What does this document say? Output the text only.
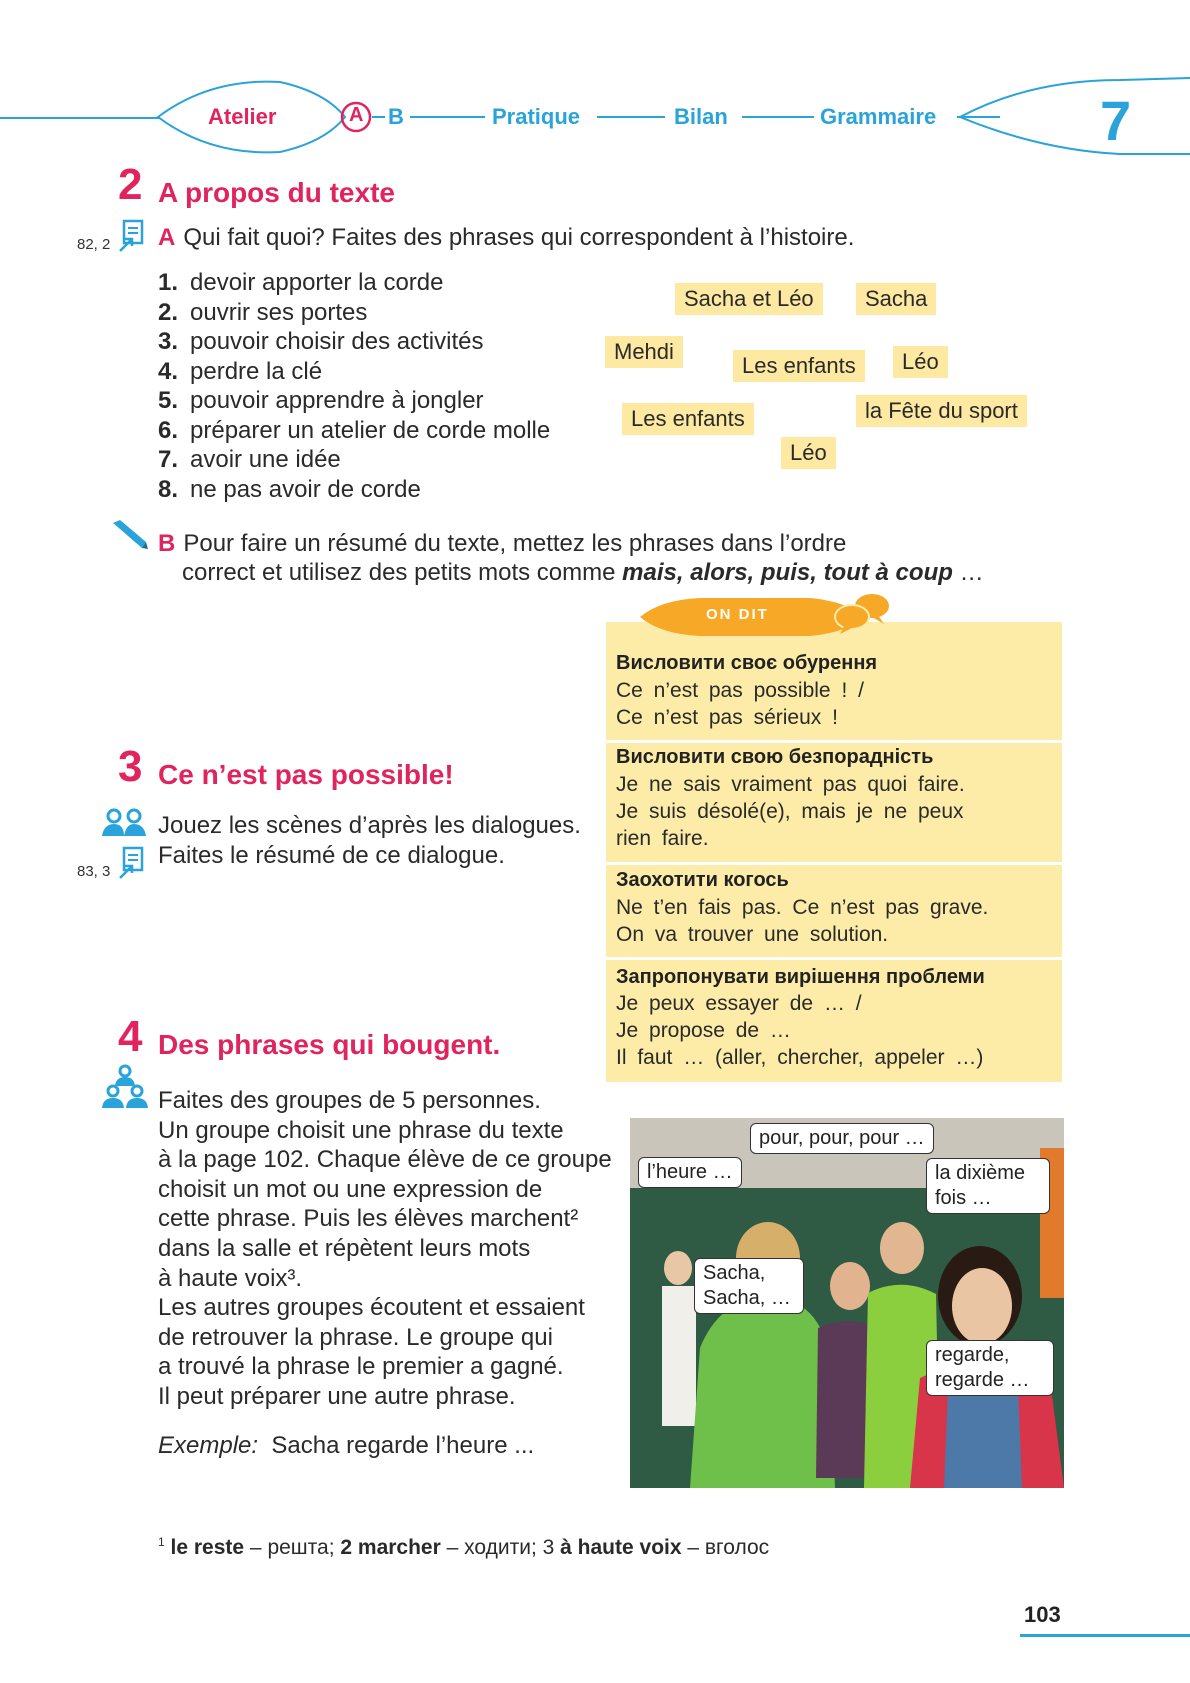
Atelier	A B	Pratique	Bilan	Grammaire	7
2 A propos du texte
82, 2 A Qui fait quoi? Faites des phrases qui correspondent à l’histoire.
1. devoir apporter la corde
2. ouvrir ses portes
3. pouvoir choisir des activités
4. perdre la clé
5. pouvoir apprendre à jongler
6. préparer un atelier de corde molle
7. avoir une idée
8. ne pas avoir de corde
Sacha et Léo	Sacha
Mehdi
Les enfants	Léo
la Fête du sport
Les enfants
Léo
B Pour faire un résumé du texte, mettez les phrases dans l’ordre
correct et utilisez des petits mots comme mais, alors, puis, tout à coup …
ON DIT
Висловити своє обурення
Ce n’est pas possible ! /
Ce n’est pas sérieux !
Висловити свою безпорадність
Je ne sais vraiment pas quoi faire.
Je suis désolé(e), mais je ne peux
rien faire.
Заохотити когось
Ne t’en fais pas. Ce n’est pas grave.
On va trouver une solution.
Запропонувати вирішення проблеми
Je peux essayer de … /
Je propose de …
Il faut … (aller, chercher, appeler …)
3 Ce n’est pas possible!
Jouez les scènes d’après les dialogues.
83, 3
Faites le résumé de ce dialogue.
4 Des phrases qui bougent.
Faites des groupes de 5 personnes.
Un groupe choisit une phrase du texte
à la page 102. Chaque élève de ce groupe
choisit un mot ou une expression de
cette phrase. Puis les élèves marchent²
dans la salle et répètent leurs mots
à haute voix³.
Les autres groupes écoutent et essaient
de retrouver la phrase. Le groupe qui
a trouvé la phrase le premier a gagné.
Il peut préparer une autre phrase.
Exemple: Sacha regarde l’heure ...
pour, pour, pour …
l’heure …	la dixième fois …
Sacha, Sacha, …
regarde, regarde …
$^1$ le reste – решта; 2 marcher – ходити; 3 à haute voix – вголос
103
